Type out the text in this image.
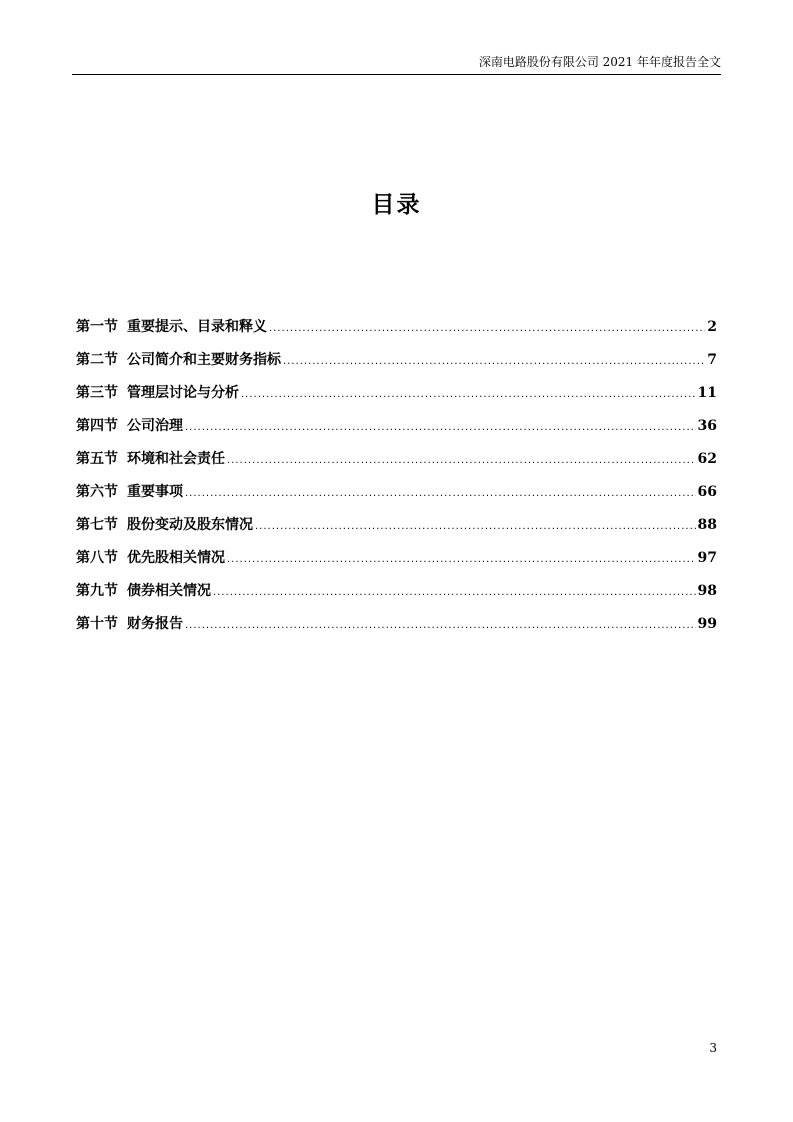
深南电路股份有限公司 2021 年年度报告全文
目录
第一节 重要提示、目录和释义 .....	2
第二节 公司简介和主要财务指标 .....	7
第三节 管理层讨论与分析 .....	11
第四节 公司治理 .....	36
第五节 环境和社会责任 .....	62
第六节 重要事项 .....	66
第七节 股份变动及股东情况 .....	88
第八节 优先股相关情况 .....	97
第九节 债券相关情况 .....	98
第十节 财务报告 .....	99
3
